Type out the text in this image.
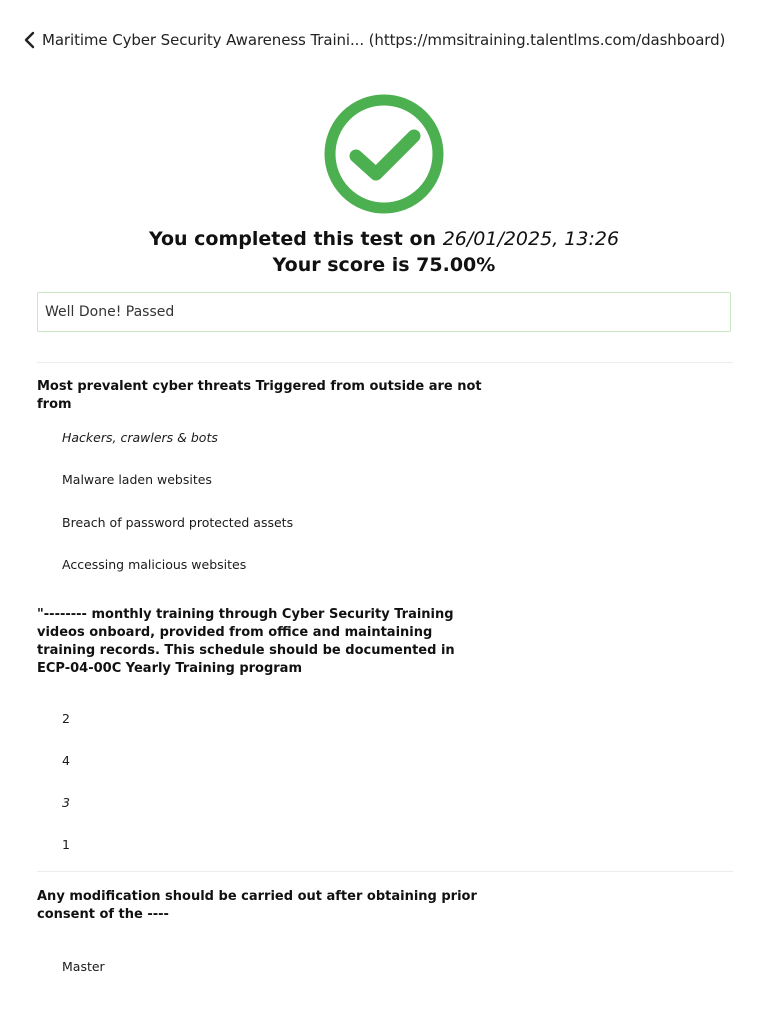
Maritime Cyber Security Awareness Traini... (https://mmsitraining.talentlms.com/dashboard)
You completed this test on 26/01/2025, 13:26
Your score is 75.00%
Well Done! Passed
Most prevalent cyber threats Triggered from outside are not from
Hackers, crawlers & bots
Malware laden websites
Breach of password protected assets
Accessing malicious websites
"-------- monthly training through Cyber Security Training videos onboard, provided from office and maintaining training records. This schedule should be documented in ECP-04-00C Yearly Training program
2
4
3
1
Any modification should be carried out after obtaining prior consent of the ----
Master
